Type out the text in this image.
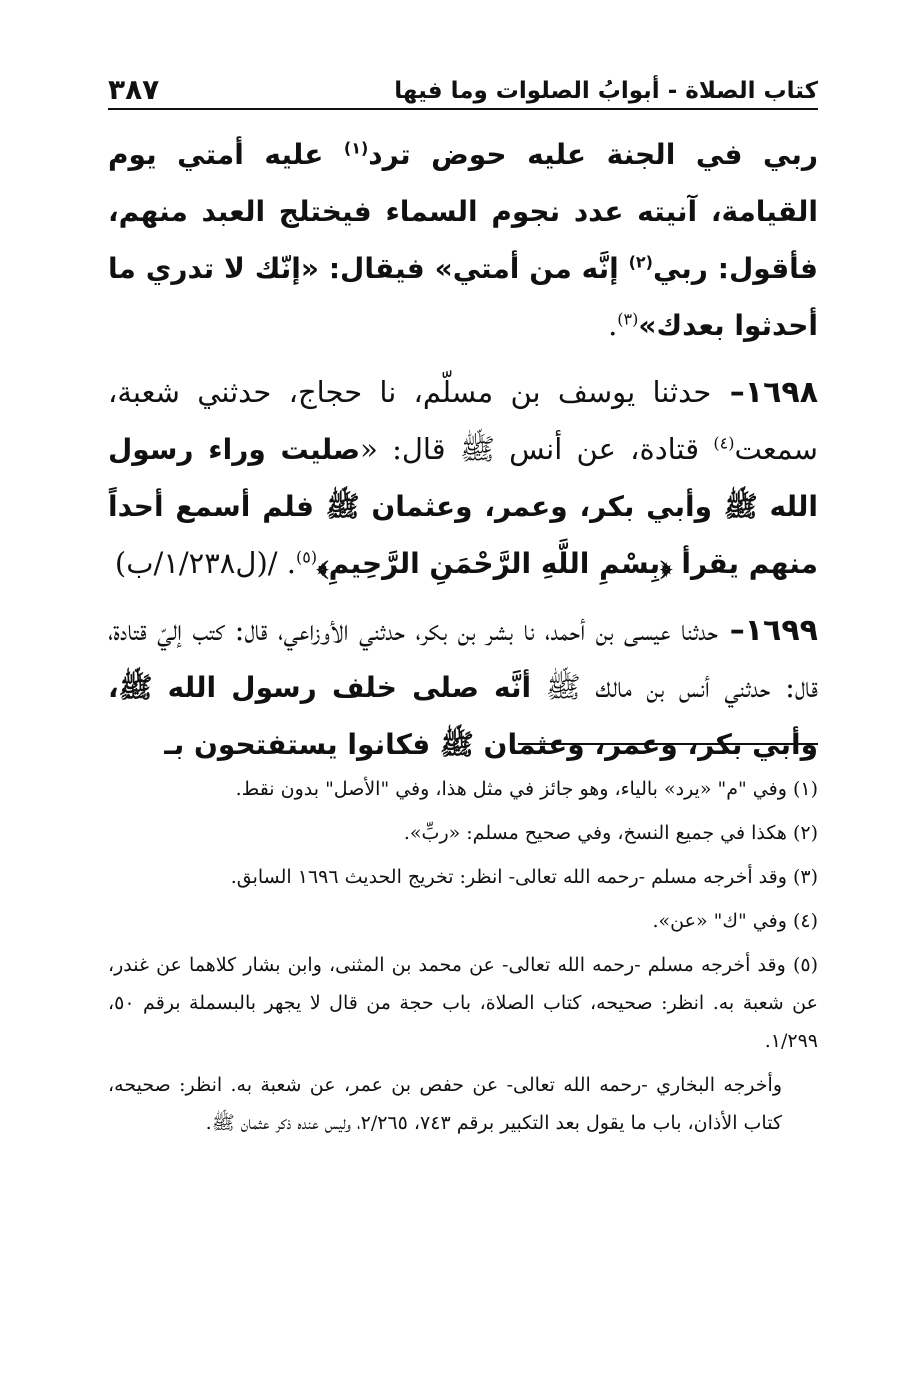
كتاب الصلاة - أبوابُ الصلوات وما فيها
٣٨٧

ربي في الجنة عليه حوض ترد$^{(١)}$ عليه أمتي يوم القيامة، آنيته عدد نجوم السماء فيختلج العبد منهم، فأقول: ربي$^{(٢)}$ إنَّه من أمتي» فيقال: «إنّك لا تدري ما أحدثوا بعدك»$^{(٣)}$.

١٦٩٨– حدثنا يوسف بن مسلّم، نا حجاج، حدثني شعبة، سمعت$^{(٤)}$ قتادة، عن أنس ﷺ قال: «صليت وراء رسول الله ﷺ وأبي بكر، وعمر، وعثمان ﷺ فلم أسمع أحداً منهم يقرأ ﴿بِسْمِ اللَّهِ الرَّحْمَنِ الرَّحِيمِ﴾$^{(٥)}$. /(ل١/٢٣٨/ب)

١٦٩٩– حدثنا عيسى بن أحمد، نا بشر بن بكر، حدثني الأوزاعي، قال: كتب إليّ قتادة، قال: حدثني أنس بن مالك ﷺ أنَّه صلى خلف رسول الله ﷺ، وأبي بكر، وعمر، وعثمان ﷺ فكانوا يستفتحون بـ

(١) وفي "م" «يرد» بالياء، وهو جائز في مثل هذا، وفي "الأصل" بدون نقط.
(٢) هكذا في جميع النسخ، وفي صحيح مسلم: «ربِّ».
(٣) وقد أخرجه مسلم -رحمه الله تعالى- انظر: تخريج الحديث ١٦٩٦ السابق.
(٤) وفي "ك" «عن».
(٥) وقد أخرجه مسلم -رحمه الله تعالى- عن محمد بن المثنى، وابن بشار كلاهما عن غندر، عن شعبة به. انظر: صحيحه، كتاب الصلاة، باب حجة من قال لا يجهر بالبسملة برقم ٥٠، ١/٢٩٩.
وأخرجه البخاري -رحمه الله تعالى- عن حفص بن عمر، عن شعبة به. انظر: صحيحه، كتاب الأذان، باب ما يقول بعد التكبير برقم ٧٤٣، ٢/٢٦٥، وليس عنده ذكر عثمان ﷺ.
